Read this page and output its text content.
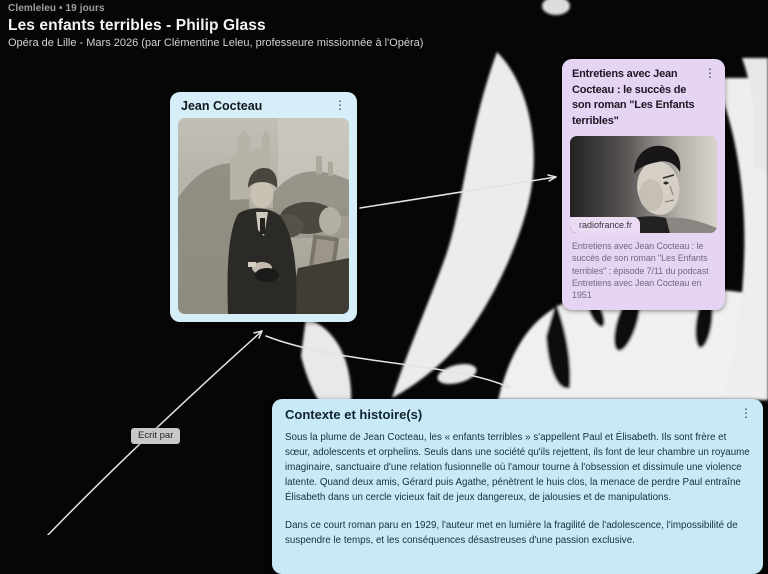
Ecrit par
Clemleleu • 19 jours
Les enfants terribles - Philip Glass
Opéra de Lille - Mars 2026 (par Clémentine Leleu, professeure missionnée à l'Opéra)
Jean Cocteau	⋮
Entretiens avec Jean Cocteau : le succès de son roman "Les Enfants terribles"
⋮
radiofrance.fr

Entretiens avec Jean Cocteau : le succès de son roman "Les Enfants terribles" : épisode 7/11 du podcast Entretiens avec Jean Cocteau en 1951

Contexte et histoire(s)	⋮

Sous la plume de Jean Cocteau, les « enfants terribles » s'appellent Paul et Élisabeth. Ils sont frère et sœur, adolescents et orphelins. Seuls dans une société qu'ils rejettent, ils font de leur chambre un royaume imaginaire, sanctuaire d'une relation fusionnelle où l'amour tourne à l'obsession et dissimule une violence latente. Quand deux amis, Gérard puis Agathe, pénètrent le huis clos, la menace de perdre Paul entraîne Élisabeth dans un cercle vicieux fait de jeux dangereux, de jalousies et de manipulations.

Dans ce court roman paru en 1929, l'auteur met en lumière la fragilité de l'adolescence, l'impossibilité de suspendre le temps, et les conséquences désastreuses d'une passion exclusive.
